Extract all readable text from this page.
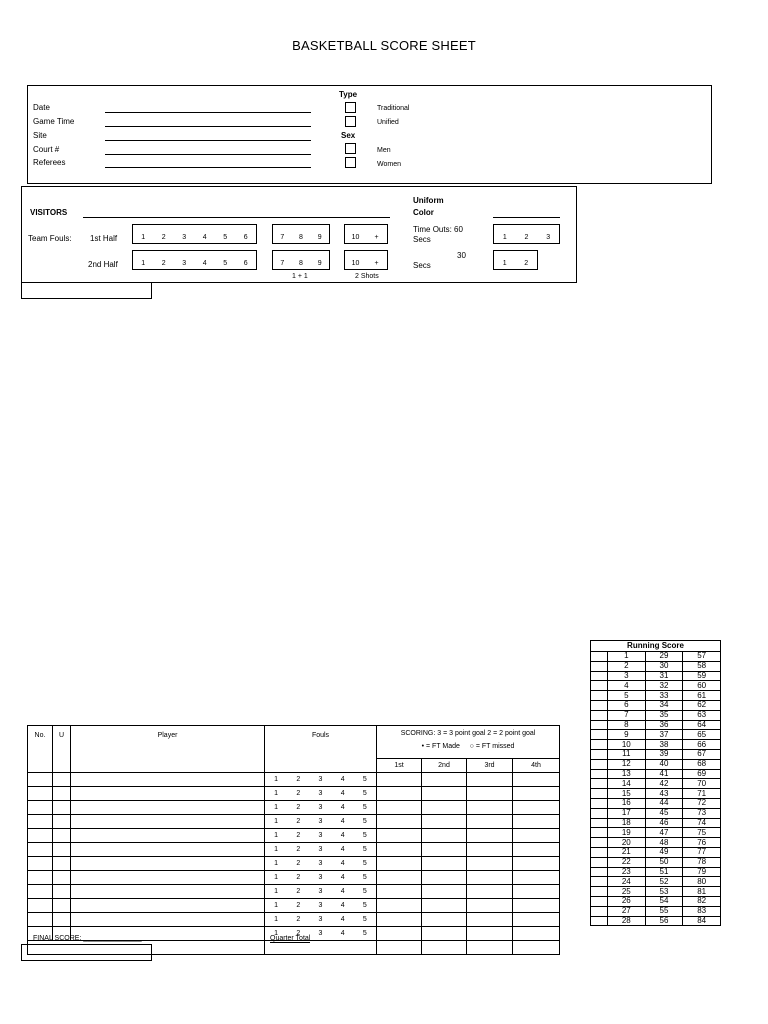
BASKETBALL SCORE SHEET
Date
Game Time
Site
Court #
Referees
Type
Traditional
Unified
Sex
Men
Women
VISITORS
Uniform
Color
Team Fouls: 1st Half
2nd Half
1	2	3	4	5	6	7	8	9	10	+
1	2	3	4	5	6	7	8	9	10	+
1 + 1	2 Shots
Time Outs: 60
Secs
30
Secs
1	2	3
1	2
Running Score			
	1	29	57
	2	30	58
	3	31	59
	4	32	60
	5	33	61
	6	34	62
	7	35	63
	8	36	64
	9	37	65
	10	38	66
	11	39	67
	12	40	68
	13	41	69
	14	42	70
	15	43	71
	16	44	72
	17	45	73
	18	46	74
	19	47	75
	20	48	76
	21	49	77
	22	50	78
	23	51	79
	24	52	80
	25	53	81
	26	54	82
	27	55	83
	28	56	84
No.	U	Player	Fouls	SCORING: 3 = 3 point goal 2 = 2 point goal
• = FT Made ○ = FT missed			

				1st	2nd	3rd	4th

			1 2 3 4 5				

			1 2 3 4 5				

			1 2 3 4 5				

			1 2 3 4 5				

			1 2 3 4 5				

			1 2 3 4 5				

			1 2 3 4 5				

			1 2 3 4 5				

			1 2 3 4 5				

			1 2 3 4 5				

			1 2 3 4 5				

			1 2 3 4 5				

FINAL SCORE: _______________	Quarter Total
